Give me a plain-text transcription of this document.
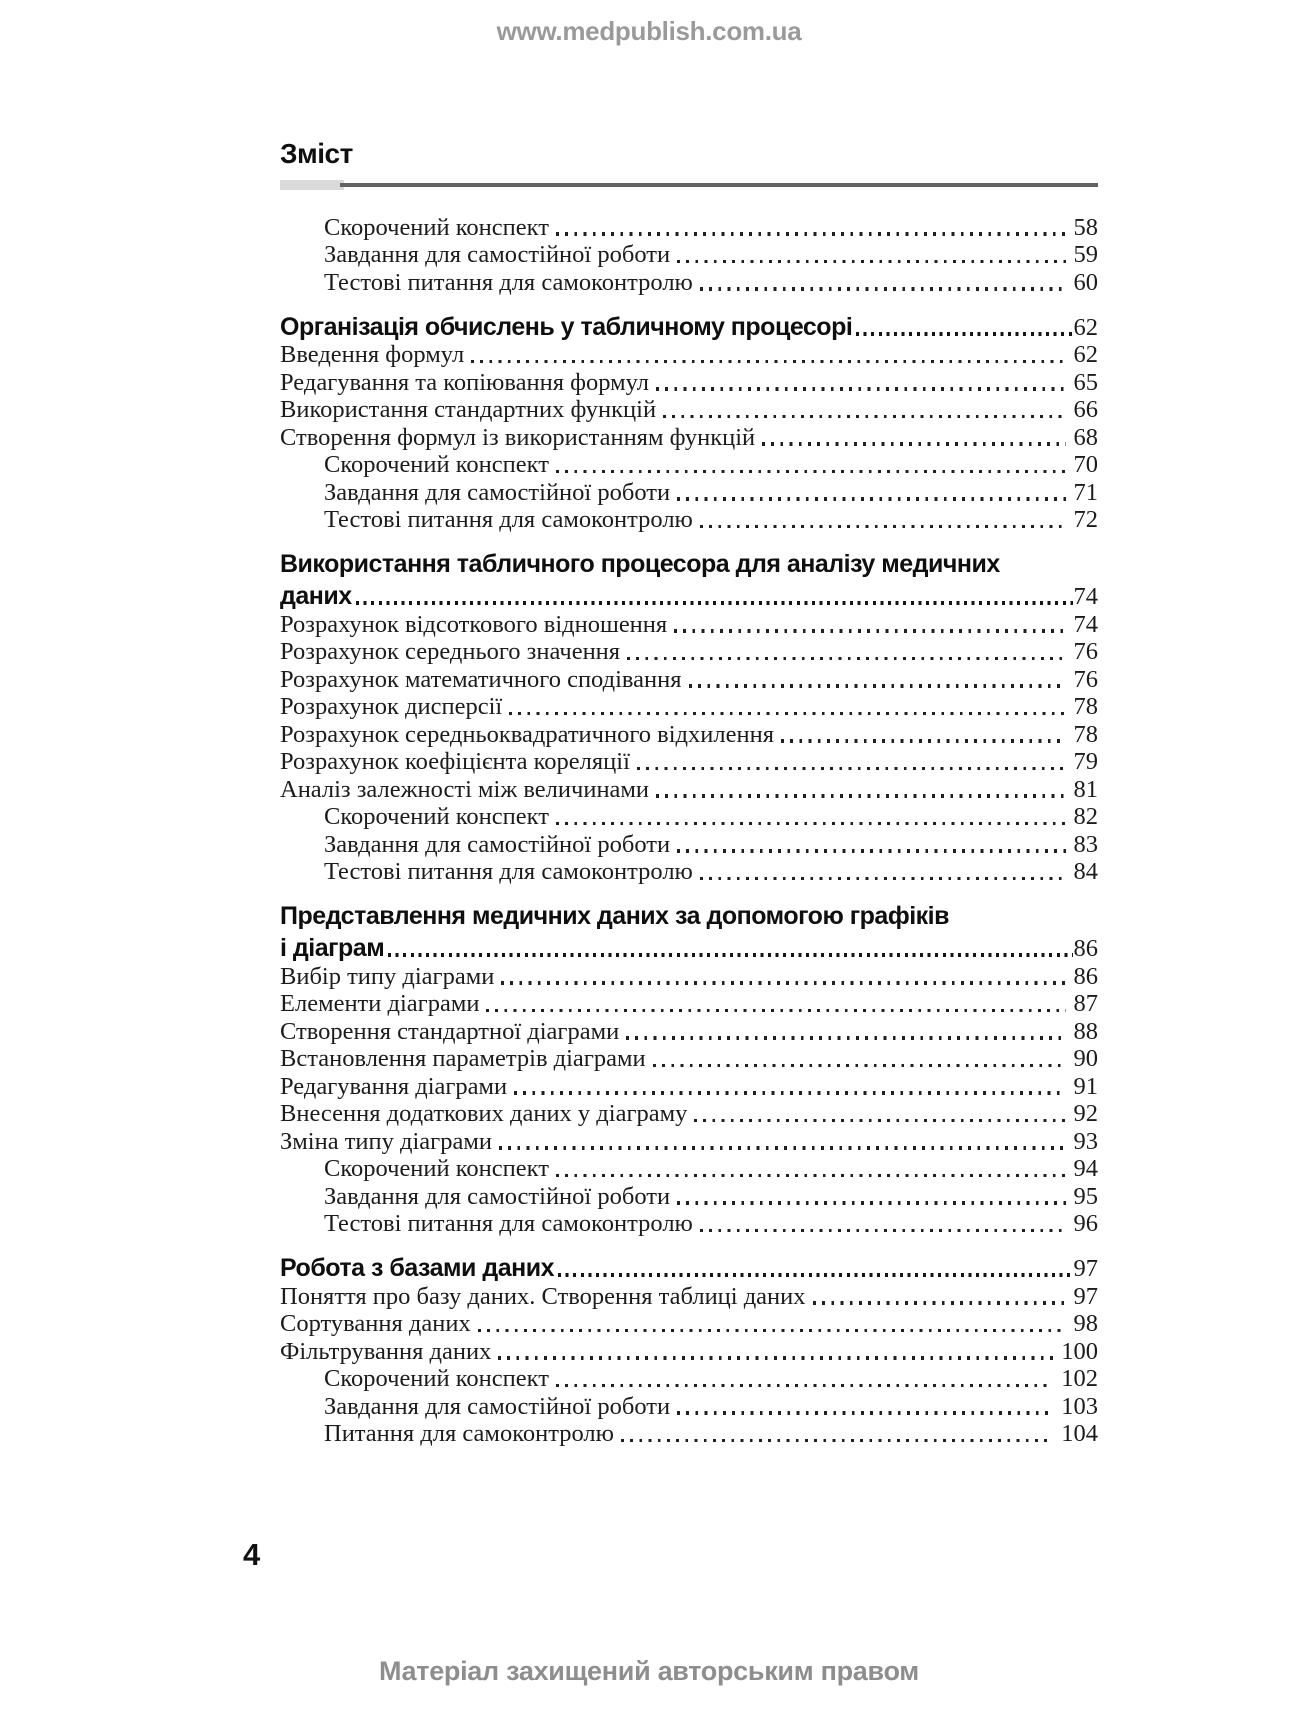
www.medpublish.com.ua
Зміст
Скорочений конспект	58
Завдання для самостійної роботи	59
Тестові питання для самоконтролю	60
Організація обчислень у табличному процесорі	62
Введення формул	62
Редагування та копіювання формул	65
Використання стандартних функцій	66
Створення формул із використанням функцій	68
Скорочений конспект	70
Завдання для самостійної роботи	71
Тестові питання для самоконтролю	72
Використання табличного процесора для аналізу медичних
даних	74
Розрахунок відсоткового відношення	74
Розрахунок середнього значення	76
Розрахунок математичного сподівання	76
Розрахунок дисперсії	78
Розрахунок середньоквадратичного відхилення	78
Розрахунок коефіцієнта кореляції	79
Аналіз залежності між величинами	81
Скорочений конспект	82
Завдання для самостійної роботи	83
Тестові питання для самоконтролю	84
Представлення медичних даних за допомогою графіків
і діаграм	86
Вибір типу діаграми	86
Елементи діаграми	87
Створення стандартної діаграми	88
Встановлення параметрів діаграми	90
Редагування діаграми	91
Внесення додаткових даних у діаграму	92
Зміна типу діаграми	93
Скорочений конспект	94
Завдання для самостійної роботи	95
Тестові питання для самоконтролю	96
Робота з базами даних	97
Поняття про базу даних. Створення таблиці даних	97
Сортування даних	98
Фільтрування даних	100
Скорочений конспект	102
Завдання для самостійної роботи	103
Питання для самоконтролю	104
4
Матеріал захищений авторським правом
